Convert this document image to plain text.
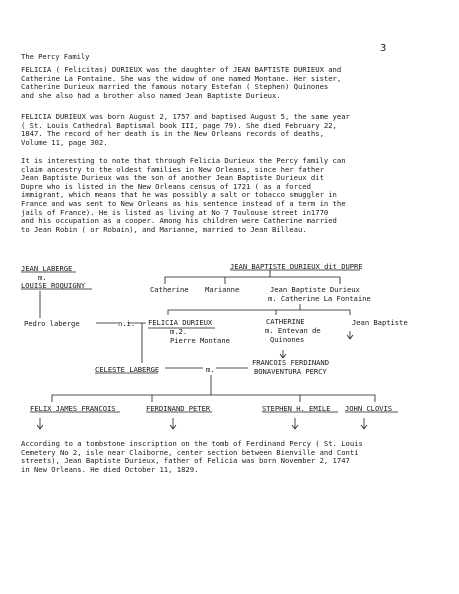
3
The Percy Family
FELICIA ( Felicitas) DURIEUX was the daughter of JEAN BAPTISTE DURIEUX and
Catherine La Fontaine. She was the widow of one named Montane. Her sister,
Catherine Durieux married the famous notary Estefan ( Stephen) Quinones
and she also had a brother also named Jean Baptiste Durieux.
FELICIA DURIEUX was born August 2, 1757 and baptised August 5, the same year
( St. Louis Cathedral Baptismal book III, page 79). She died February 22,
1847. The record of her death is in the New Orleans records of deaths,
Volume 11, page 302.
It is interesting to note that through Felicia Durieux the Percy family can
claim ancestry to the oldest families in New Orleans, since her father
Jean Baptiste Durieux was the son of another Jean Baptiste Durieux dit
Dupre who is listed in the New Orleans census of 1721 ( as a forced
immigrant, which means that he was possibly a salt or tobacco smuggler in
France and was sent to New Orleans as his sentence instead of a term in the
jails of France). He is listed as living at No 7 Toulouse street in1770
and his occupation as a cooper. Among his children were Catherine married
to Jean Robin ( or Robain), and Marianne, married to Jean Billeau.
JEAN LABERGE
m.
LOUISE ROQUIGNY
JEAN BAPTISTE DURIEUX dit DUPRE
Catherine Marianne	Jean Baptiste Durieux
m. Catherine La Fontaine
Pedro laberge	n.i. FELICIA DURIEUX
m.2.
Pierre Montane
CATHERINE
m. Entevan de
Quinones
Jean Baptiste
CELESTE LABERGE	m.
FRANCOIS FERDINAND
BONAVENTURA PERCY
FELIX JAMES FRANCOIS	FERDINAND PETER	STEPHEN H. EMILE JOHN CLOVIS
According to a tombstone inscription on the tomb of Ferdinand Percy ( St. Louis
Cemetery No 2, isle near Claiborne, center section between Bienville and Conti
streets), Jean Baptiste Durieux, father of Felicia was born November 2, 1747
in New Orleans. He died October 11, 1829.
